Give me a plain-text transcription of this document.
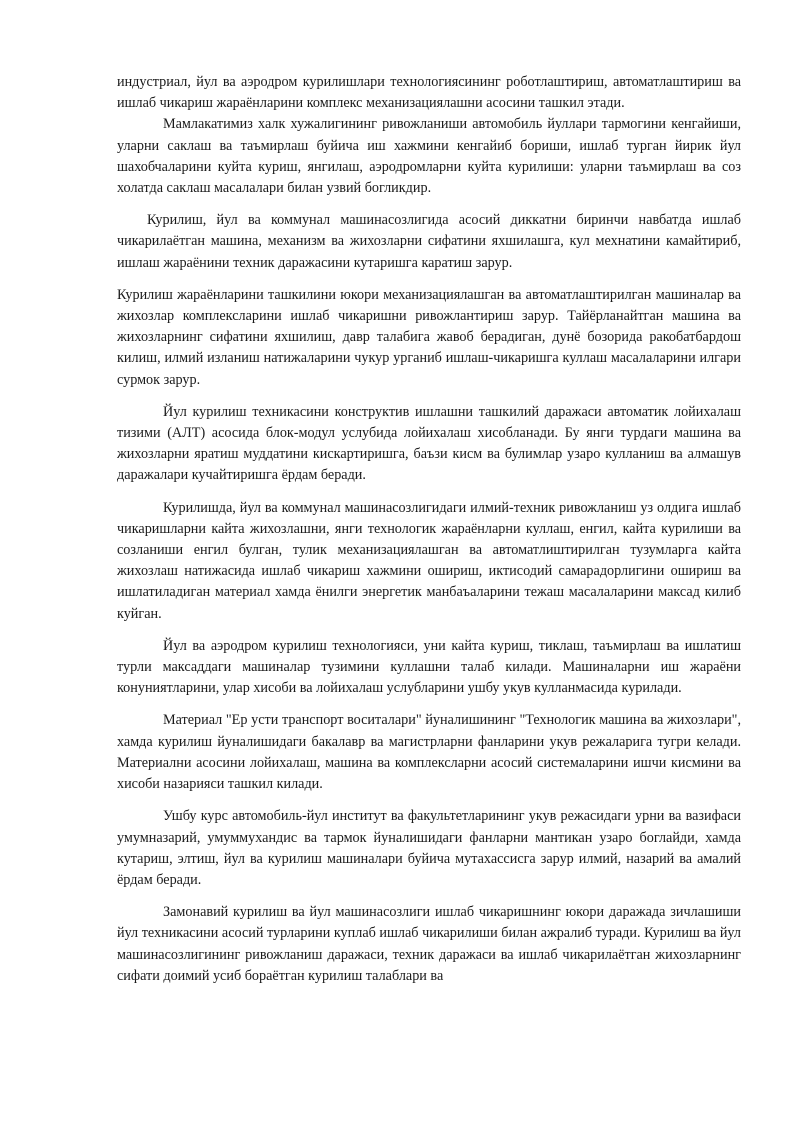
индустриал, йул ва аэродром курилишлари технологиясининг роботлаштириш, автоматлаштириш ва ишлаб чикариш жараёнларини комплекс механизациялашни асосини ташкил этади.

Мамлакатимиз халк хужалигининг ривожланиши автомобиль йуллари тармогини кенгайиши, уларни саклаш ва таъмирлаш буйича иш хажмини кенгайиб бориши, ишлаб турган йирик йул шахобчаларини куйта куриш, янгилаш, аэродромларни куйта курилиши: уларни таъмирлаш ва соз холатда саклаш масалалари билан узвий богликдир.

Курилиш, йул ва коммунал машинасозлигида асосий диккатни биринчи навбатда ишлаб чикарилаётган машина, механизм ва жихозларни сифатини яхшилашга, кул мехнатини камайтириб, ишлаш жараёнини техник даражасини кутаришга каратиш зарур.

Курилиш жараёнларини ташкилини юкори механизациялашган ва автоматлаштирилган машиналар ва жихозлар комплексларини ишлаб чикаришни ривожлантириш зарур. Тайёрланайтган машина ва жихозларнинг сифатини яхшилиш, давр талабига жавоб берадиган, дунё бозорида ракобатбардош килиш, илмий изланиш натижаларини чукур урганиб ишлаш-чикаришга куллаш масалаларини илгари сурмок зарур.

Йул курилиш техникасини конструктив ишлашни ташкилий даражаси автоматик лойихалаш тизими (АЛТ) асосида блок-модул услубида лойихалаш хисобланади. Бу янги турдаги машина ва жихозларни яратиш муддатини кискартиришга, баъзи кисм ва булимлар узаро кулланиш ва алмашув даражалари кучайтиришга ёрдам беради.

Курилишда, йул ва коммунал машинасозлигидаги илмий-техник ривожланиш уз олдига ишлаб чикаришларни кайта жихозлашни, янги технологик жараёнларни куллаш, енгил, кайта курилиши ва созланиши енгил булган, тулик механизациялашган ва автоматлиштирилган тузумларга кайта жихозлаш натижасида ишлаб чикариш хажмини ошириш, иктисодий самарадорлигини ошириш ва ишлатиладиган материал хамда ёнилги энергетик манбаъаларини тежаш масалаларини максад килиб куйган.

Йул ва аэродром курилиш технологияси, уни кайта куриш, тиклаш, таъмирлаш ва ишлатиш турли максаддаги машиналар тузимини куллашни талаб килади. Машиналарни иш жараёни конуниятларини, улар хисоби ва лойихалаш услубларини ушбу укув кулланмасида курилади.

Материал "Ер усти транспорт воситалари" йуналишининг "Технологик машина ва жихозлари", хамда курилиш йуналишидаги бакалавр ва магистрларни фанларини укув режаларига тугри келади. Материални асосини лойихалаш, машина ва комплексларни асосий системаларини ишчи кисмини ва хисоби назарияси ташкил килади.

Ушбу курс автомобиль-йул институт ва факультетларининг укув режасидаги урни ва вазифаси умумназарий, умуммухандис ва тармок йуналишидаги фанларни мантикан узаро боглайди, хамда кутариш, элтиш, йул ва курилиш машиналари буйича мутахассисга зарур илмий, назарий ва амалий ёрдам беради.

Замонавий курилиш ва йул машинасозлиги ишлаб чикаришнинг юкори даражада зичлашиши йул техникасини асосий турларини куплаб ишлаб чикарилиши билан ажралиб туради. Курилиш ва йул машинасозлигининг ривожланиш даражаси, техник даражаси ва ишлаб чикарилаётган жихозларнинг сифати доимий усиб бораётган курилиш талаблари ва
